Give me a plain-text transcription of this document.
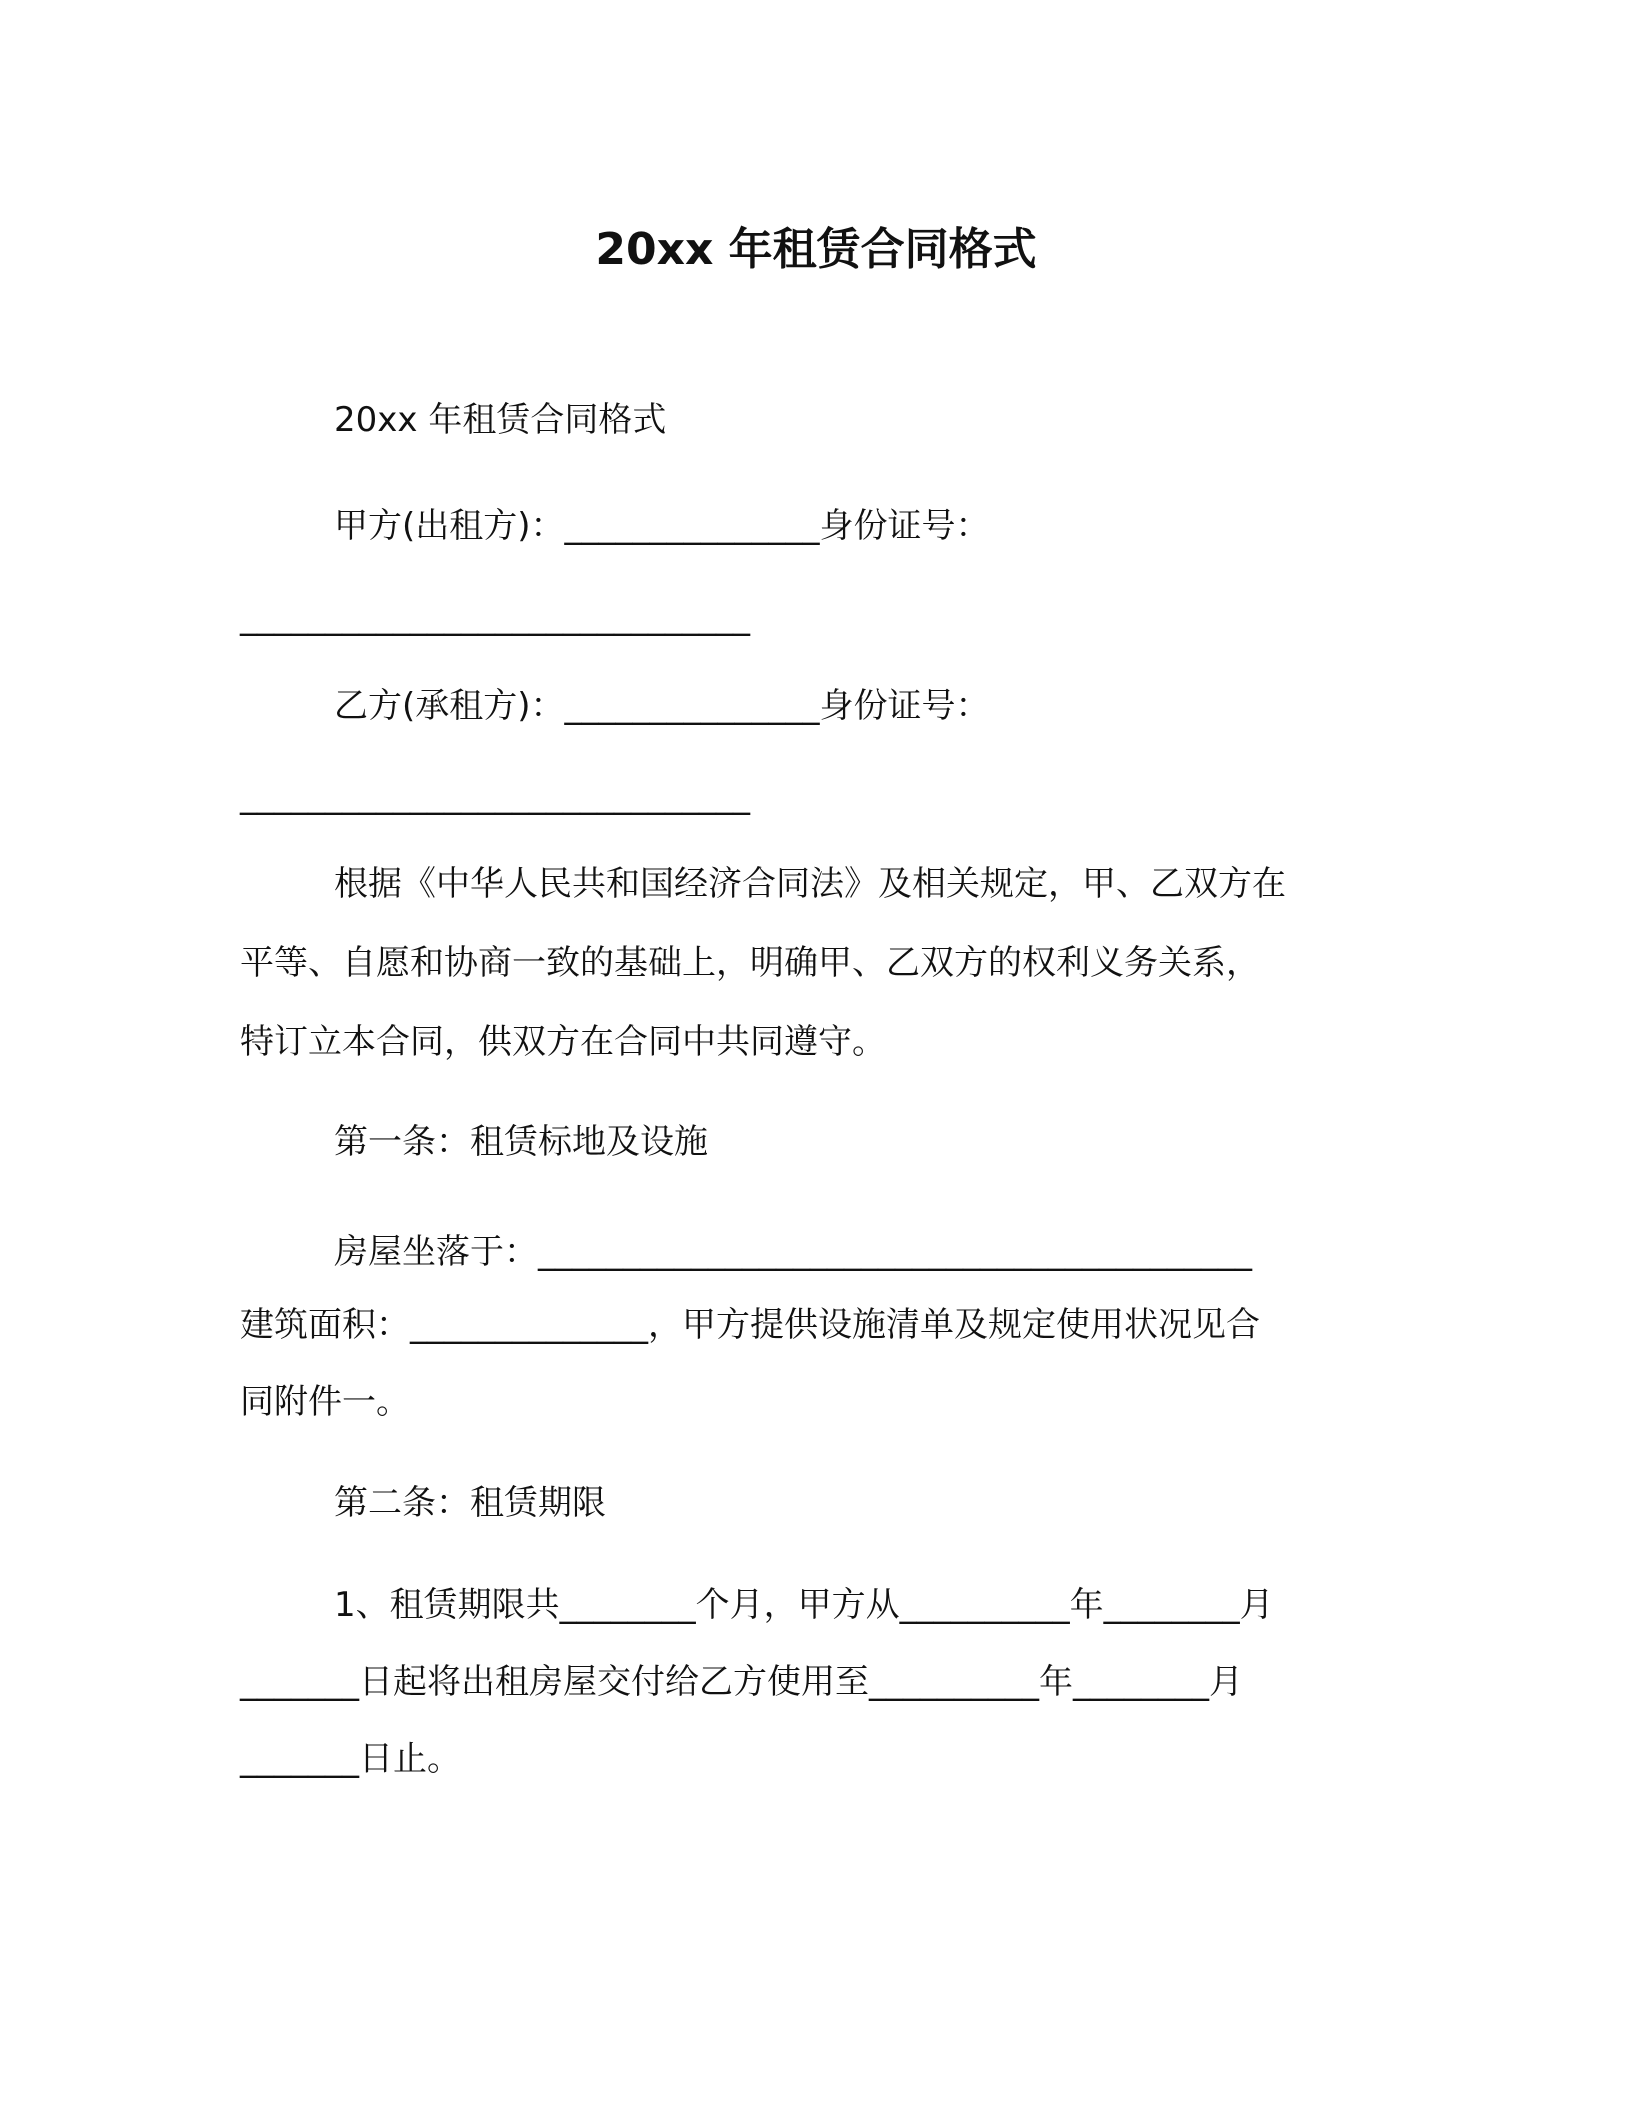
20xx 年租赁合同格式

20xx 年租赁合同格式

甲方(出租方)：_______________身份证号：

______________________________

乙方(承租方)：_______________身份证号：

______________________________

根据《中华人民共和国经济合同法》及相关规定，甲、乙双方在

平等、自愿和协商一致的基础上，明确甲、乙双方的权利义务关系，

特订立本合同，供双方在合同中共同遵守。

第一条：租赁标地及设施

房屋坐落于：__________________________________________

建筑面积：______________，甲方提供设施清单及规定使用状况见合

同附件一。

第二条：租赁期限

1、租赁期限共________个月，甲方从__________年________月

_______日起将出租房屋交付给乙方使用至__________年________月

_______日止。
